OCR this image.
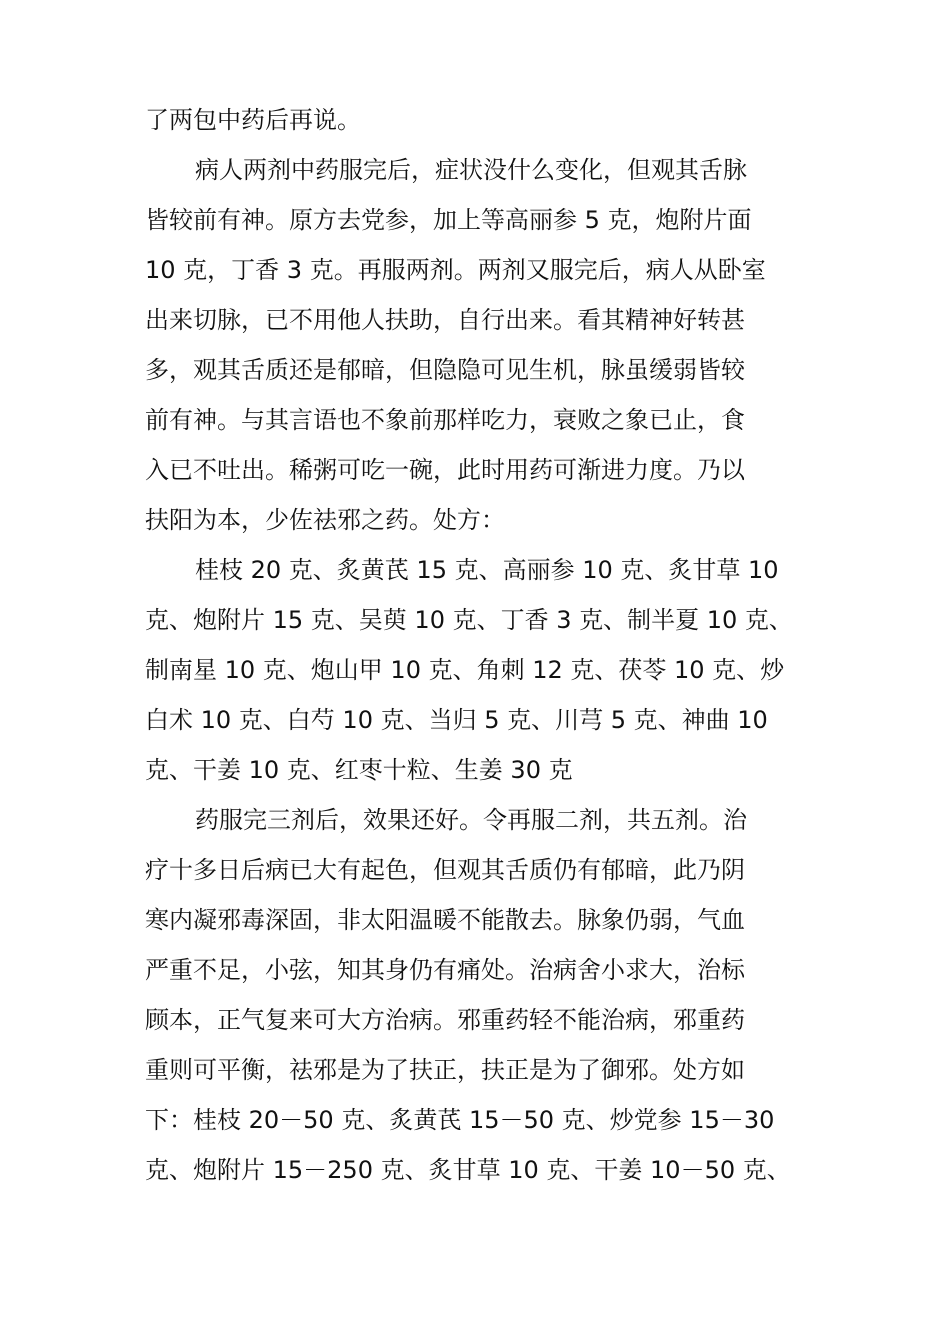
了两包中药后再说。
病人两剂中药服完后，症状没什么变化，但观其舌脉
皆较前有神。原方去党参，加上等高丽参 5 克，炮附片面
10 克，丁香 3 克。再服两剂。两剂又服完后，病人从卧室
出来切脉，已不用他人扶助，自行出来。看其精神好转甚
多，观其舌质还是郁暗，但隐隐可见生机，脉虽缓弱皆较
前有神。与其言语也不象前那样吃力，衰败之象已止，食
入已不吐出。稀粥可吃一碗，此时用药可渐进力度。乃以
扶阳为本，少佐祛邪之药。处方：
桂枝 20 克、炙黄芪 15 克、高丽参 10 克、炙甘草 10
克、炮附片 15 克、吴萸 10 克、丁香 3 克、制半夏 10 克、
制南星 10 克、炮山甲 10 克、角刺 12 克、茯苓 10 克、炒
白术 10 克、白芍 10 克、当归 5 克、川芎 5 克、神曲 10
克、干姜 10 克、红枣十粒、生姜 30 克
药服完三剂后，效果还好。令再服二剂，共五剂。治
疗十多日后病已大有起色，但观其舌质仍有郁暗，此乃阴
寒内凝邪毒深固，非太阳温暖不能散去。脉象仍弱，气血
严重不足，小弦，知其身仍有痛处。治病舍小求大，治标
顾本，正气复来可大方治病。邪重药轻不能治病，邪重药
重则可平衡，祛邪是为了扶正，扶正是为了御邪。处方如
下：桂枝 20－50 克、炙黄芪 15－50 克、炒党参 15－30
克、炮附片 15－250 克、炙甘草 10 克、干姜 10－50 克、
